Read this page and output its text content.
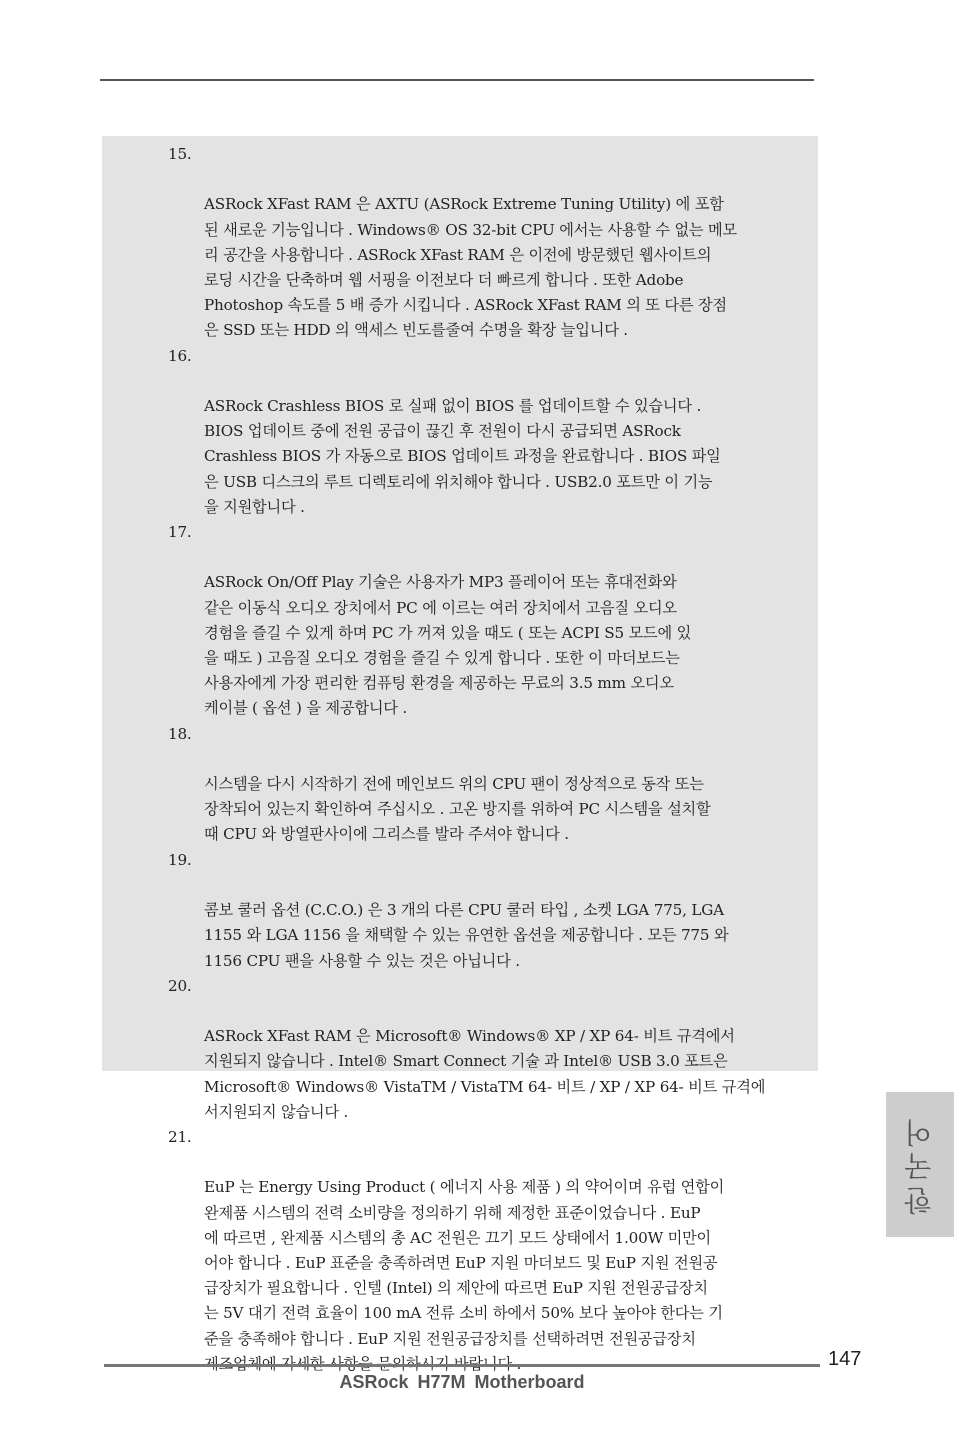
15.

ASRock XFast RAM 은 AXTU (ASRock Extreme Tuning Utility) 에 포함
된 새로운 기능입니다 . Windows® OS 32-bit CPU 에서는 사용할 수 없는 메모
리 공간을 사용합니다 . ASRock XFast RAM 은 이전에 방문했던 웹사이트의
로딩 시간을 단축하며 웹 서핑을 이전보다 더 빠르게 합니다 . 또한 Adobe
Photoshop 속도를 5 배 증가 시킵니다 . ASRock XFast RAM 의 또 다른 장점
은 SSD 또는 HDD 의 액세스 빈도를줄여 수명을 확장 늘입니다 .

16.

ASRock Crashless BIOS 로 실패 없이 BIOS 를 업데이트할 수 있습니다 .
BIOS 업데이트 중에 전원 공급이 끊긴 후 전원이 다시 공급되면 ASRock
Crashless BIOS 가 자동으로 BIOS 업데이트 과정을 완료합니다 . BIOS 파일
은 USB 디스크의 루트 디렉토리에 위치해야 합니다 . USB2.0 포트만 이 기능
을 지원합니다 .

17.

ASRock On/Off Play 기술은 사용자가 MP3 플레이어 또는 휴대전화와
같은 이동식 오디오 장치에서 PC 에 이르는 여러 장치에서 고음질 오디오
경험을 즐길 수 있게 하며 PC 가 꺼져 있을 때도 ( 또는 ACPI S5 모드에 있
을 때도 ) 고음질 오디오 경험을 즐길 수 있게 합니다 . 또한 이 마더보드는
사용자에게 가장 편리한 컴퓨팅 환경을 제공하는 무료의 3.5 mm 오디오
케이블 ( 옵션 ) 을 제공합니다 .

18.

시스템을 다시 시작하기 전에 메인보드 위의 CPU 팬이 정상적으로 동작 또는
장착되어 있는지 확인하여 주십시오 . 고온 방지를 위하여 PC 시스템을 설치할
때 CPU 와 방열판사이에 그리스를 발라 주셔야 합니다 .

19.

콤보 쿨러 옵션 (C.C.O.) 은 3 개의 다른 CPU 쿨러 타입 , 소켓 LGA 775, LGA
1155 와 LGA 1156 을 채택할 수 있는 유연한 옵션을 제공합니다 . 모든 775 와
1156 CPU 팬을 사용할 수 있는 것은 아닙니다 .

20.

ASRock XFast RAM 은 Microsoft® Windows® XP / XP 64- 비트 규격에서
지원되지 않습니다 . Intel® Smart Connect 기술 과 Intel® USB 3.0 포트은
Microsoft® Windows® VistaTM / VistaTM 64- 비트 / XP / XP 64- 비트 규격에
서지원되지 않습니다 .

21.

EuP 는 Energy Using Product ( 에너지 사용 제품 ) 의 약어이며 유럽 연합이
완제품 시스템의 전력 소비량을 정의하기 위해 제정한 표준이었습니다 . EuP
에 따르면 , 완제품 시스템의 총 AC 전원은 끄기 모드 상태에서 1.00W 미만이
어야 합니다 . EuP 표준을 충족하려면 EuP 지원 마더보드 및 EuP 지원 전원공
급장치가 필요합니다 . 인텔 (Intel) 의 제안에 따르면 EuP 지원 전원공급장치
는 5V 대기 전력 효율이 100 mA 전류 소비 하에서 50% 보다 높아야 한다는 기
준을 충족해야 합니다 . EuP 지원 전원공급장치를 선택하려면 전원공급장치

한국어
147
ASRock H77M Motherboard
